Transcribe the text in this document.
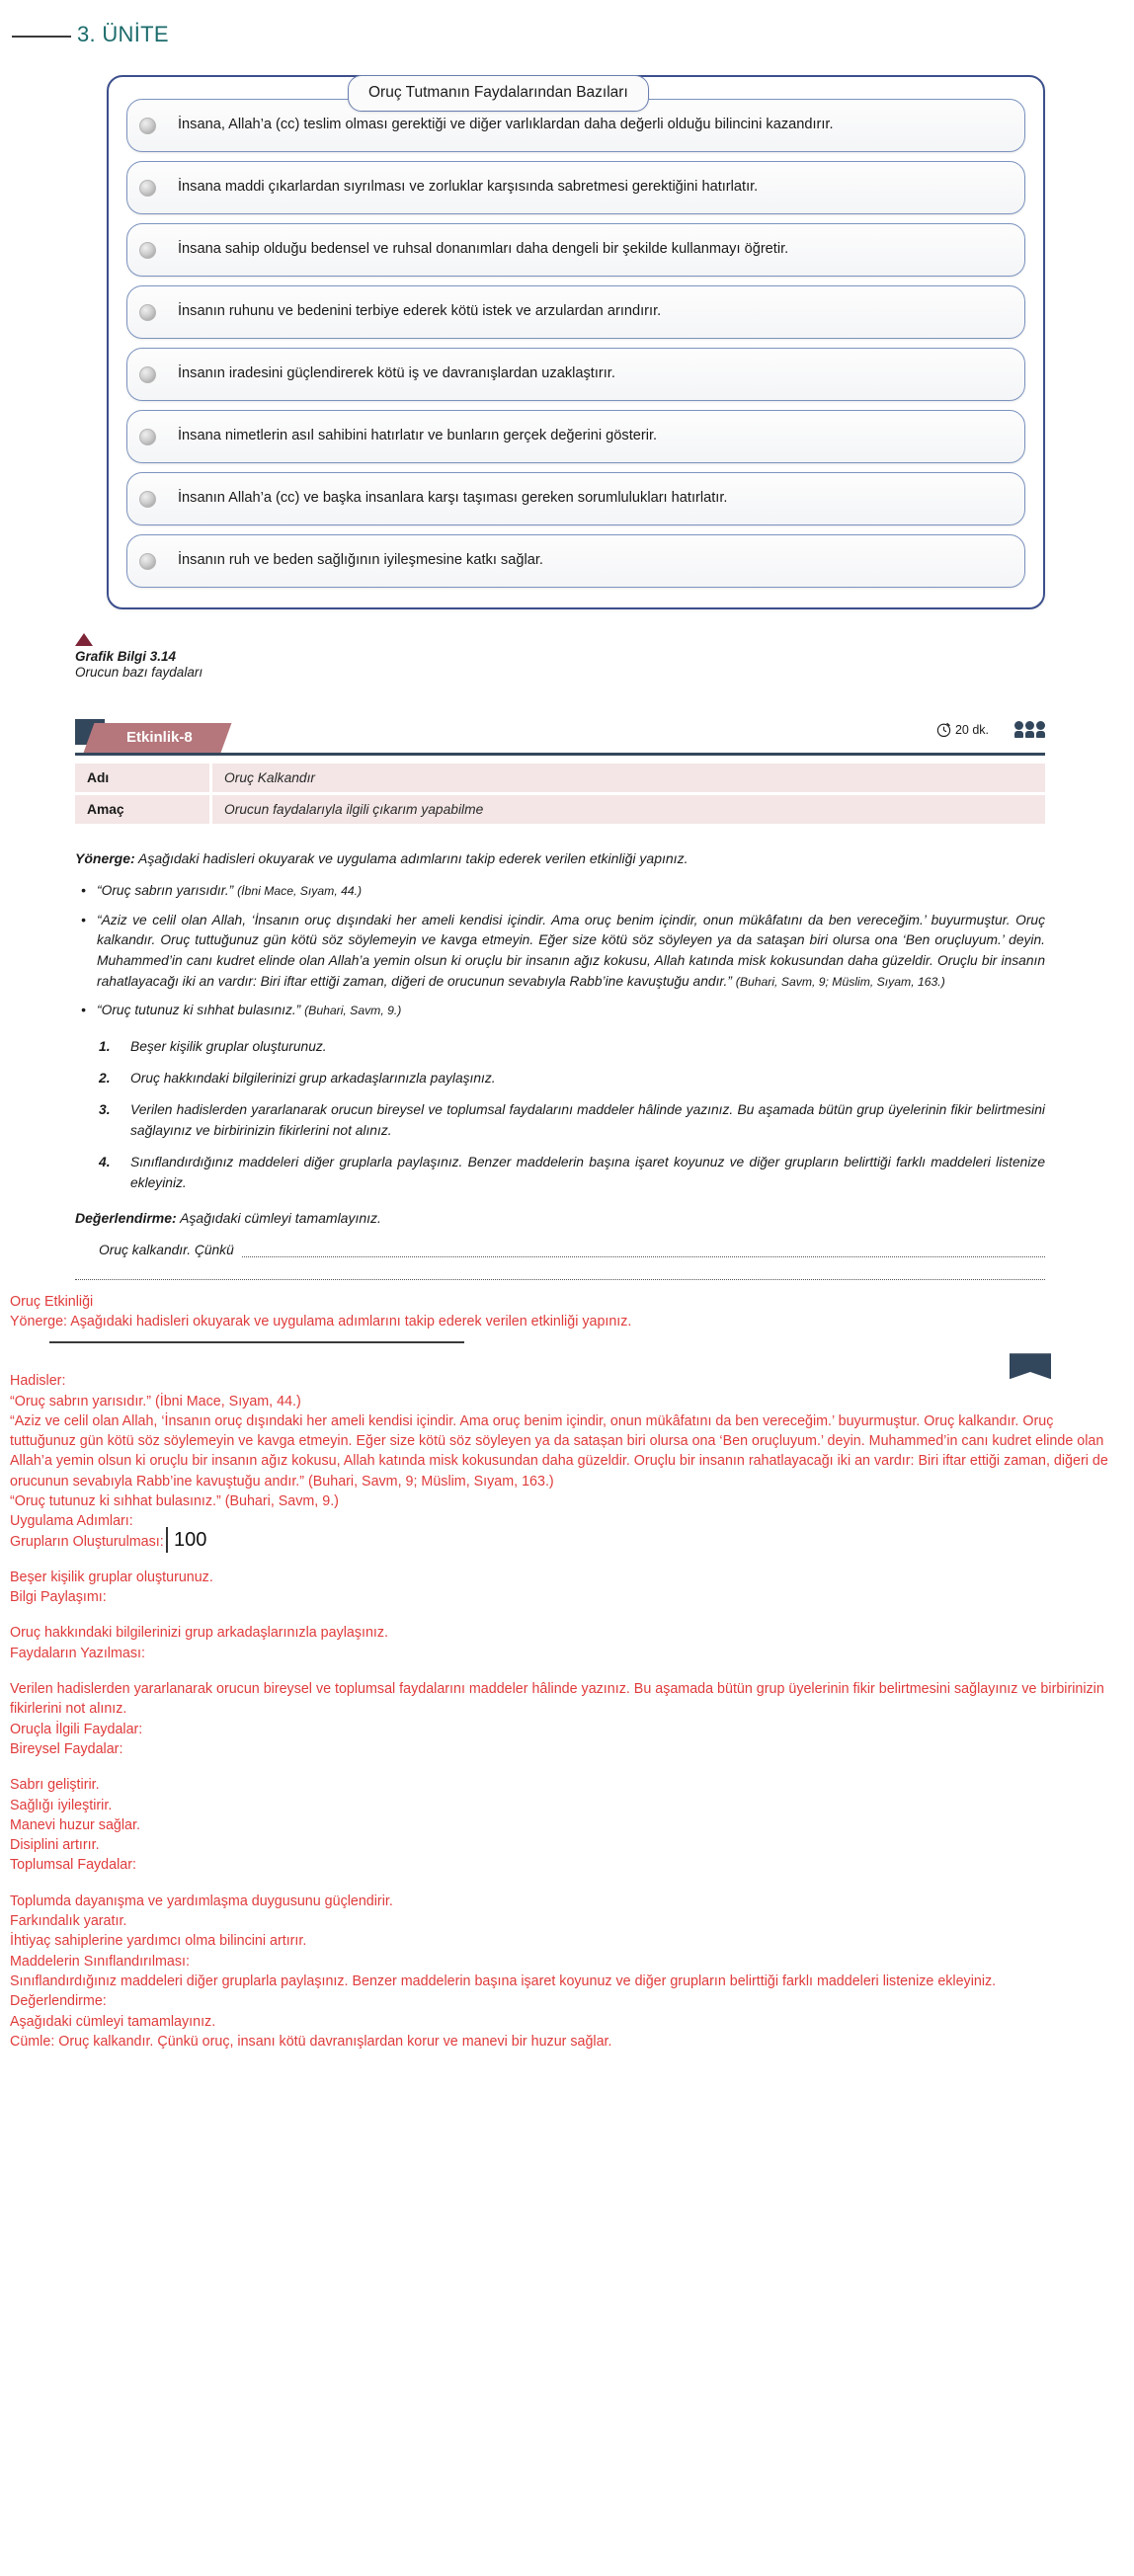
3. ÜNİTE
Oruç Tutmanın Faydalarından Bazıları
İnsana, Allah’a (cc) teslim olması gerektiği ve diğer varlıklardan daha değerli olduğu bilincini kazandırır.
İnsana maddi çıkarlardan sıyrılması ve zorluklar karşısında sabretmesi gerektiğini hatırlatır.
İnsana sahip olduğu bedensel ve ruhsal donanımları daha dengeli bir şekilde kullanmayı öğretir.
İnsanın ruhunu ve bedenini terbiye ederek kötü istek ve arzulardan arındırır.
İnsanın iradesini güçlendirerek kötü iş ve davranışlardan uzaklaştırır.
İnsana nimetlerin asıl sahibini hatırlatır ve bunların gerçek değerini gösterir.
İnsanın Allah’a (cc) ve başka insanlara karşı taşıması gereken sorumlulukları hatırlatır.
İnsanın ruh ve beden sağlığının iyileşmesine katkı sağlar.
Grafik Bilgi 3.14
Orucun bazı faydaları
Etkinlik-8	20 dk.
Adı	Oruç Kalkandır
Amaç	Orucun faydalarıyla ilgili çıkarım yapabilme
Yönerge: Aşağıdaki hadisleri okuyarak ve uygulama adımlarını takip ederek verilen etkinliği yapınız.
• “Oruç sabrın yarısıdır.” (İbni Mace, Sıyam, 44.)
• “Aziz ve celil olan Allah, ‘İnsanın oruç dışındaki her ameli kendisi içindir. Ama oruç benim içindir, onun mükâfatını da ben vereceğim.’ buyurmuştur. Oruç kalkandır. Oruç tuttuğunuz gün kötü söz söylemeyin ve kavga etmeyin. Eğer size kötü söz söyleyen ya da sataşan biri olursa ona ‘Ben oruçluyum.’ deyin. Muhammed’in canı kudret elinde olan Allah’a yemin olsun ki oruçlu bir insanın ağız kokusu, Allah katında misk kokusundan daha güzeldir. Oruçlu bir insanın rahatlayacağı iki an vardır: Biri iftar ettiği zaman, diğeri de orucunun sevabıyla Rabb’ine kavuştuğu andır.” (Buhari, Savm, 9; Müslim, Sıyam, 163.)
• “Oruç tutunuz ki sıhhat bulasınız.” (Buhari, Savm, 9.)
Beşer kişilik gruplar oluşturunuz.
Oruç hakkındaki bilgilerinizi grup arkadaşlarınızla paylaşınız.
Verilen hadislerden yararlanarak orucun bireysel ve toplumsal faydalarını maddeler hâlinde yazınız. Bu aşamada bütün grup üyelerinin fikir belirtmesini sağlayınız ve birbirinizin fikirlerini not alınız.
Sınıflandırdığınız maddeleri diğer gruplarla paylaşınız. Benzer maddelerin başına işaret koyunuz ve diğer grupların belirttiği farklı maddeleri listenize ekleyiniz.
Değerlendirme: Aşağıdaki cümleyi tamamlayınız.
Oruç kalkandır. Çünkü

Oruç Etkinliği

Yönerge: Aşağıdaki hadisleri okuyarak ve uygulama adımlarını takip ederek verilen etkinliği yapınız.

Hadisler:

“Oruç sabrın yarısıdır.” (İbni Mace, Sıyam, 44.)

“Aziz ve celil olan Allah, ‘İnsanın oruç dışındaki her ameli kendisi içindir. Ama oruç benim içindir, onun mükâfatını da ben vereceğim.’ buyurmuştur. Oruç kalkandır. Oruç tuttuğunuz gün kötü söz söylemeyin ve kavga etmeyin. Eğer size kötü söz söyleyen ya da satașan biri olursa ona ‘Ben oruçluyum.’ deyin. Muhammed’in canı kudret elinde olan Allah’a yemin olsun ki oruçlu bir insanın ağız kokusu, Allah katında misk kokusundan daha güzeldir. Oruçlu bir insanın rahatlayacağı iki an vardır: Biri iftar ettiği zaman, diğeri de orucunun sevabıyla Rabb’ine kavuştuğu andır.” (Buhari, Savm, 9; Müslim, Sıyam, 163.)

“Oruç tutunuz ki sıhhat bulasınız.” (Buhari, Savm, 9.)

Uygulama Adımları:

Grupların Oluşturulması:

Beşer kişilik gruplar oluşturunuz.

Bilgi Paylaşımı:

Oruç hakkındaki bilgilerinizi grup arkadaşlarınızla paylaşınız.

Faydaların Yazılması:

Verilen hadislerden yararlanarak orucun bireysel ve toplumsal faydalarını maddeler hâlinde yazınız. Bu aşamada bütün grup üyelerinin fikir belirtmesini sağlayınız ve birbirinizin fikirlerini not alınız.

Oruçla İlgili Faydalar:

Bireysel Faydalar:

Sabrı geliştirir.

Sağlığı iyileştirir.

Manevi huzur sağlar.

Disiplini artırır.

Toplumsal Faydalar:

Toplumda dayanışma ve yardımlaşma duygusunu güçlendirir.

Farkındalık yaratır.

İhtiyaç sahiplerine yardımcı olma bilincini artırır.

Maddelerin Sınıflandırılması:

Sınıflandırdığınız maddeleri diğer gruplarla paylaşınız. Benzer maddelerin başına işaret koyunuz ve diğer grupların belirttiği farklı maddeleri listenize ekleyiniz.

Değerlendirme:

Aşağıdaki cümleyi tamamlayınız.

Cümle: Oruç kalkandır. Çünkü oruç, insanı kötü davranışlardan korur ve manevi bir huzur sağlar.

100
